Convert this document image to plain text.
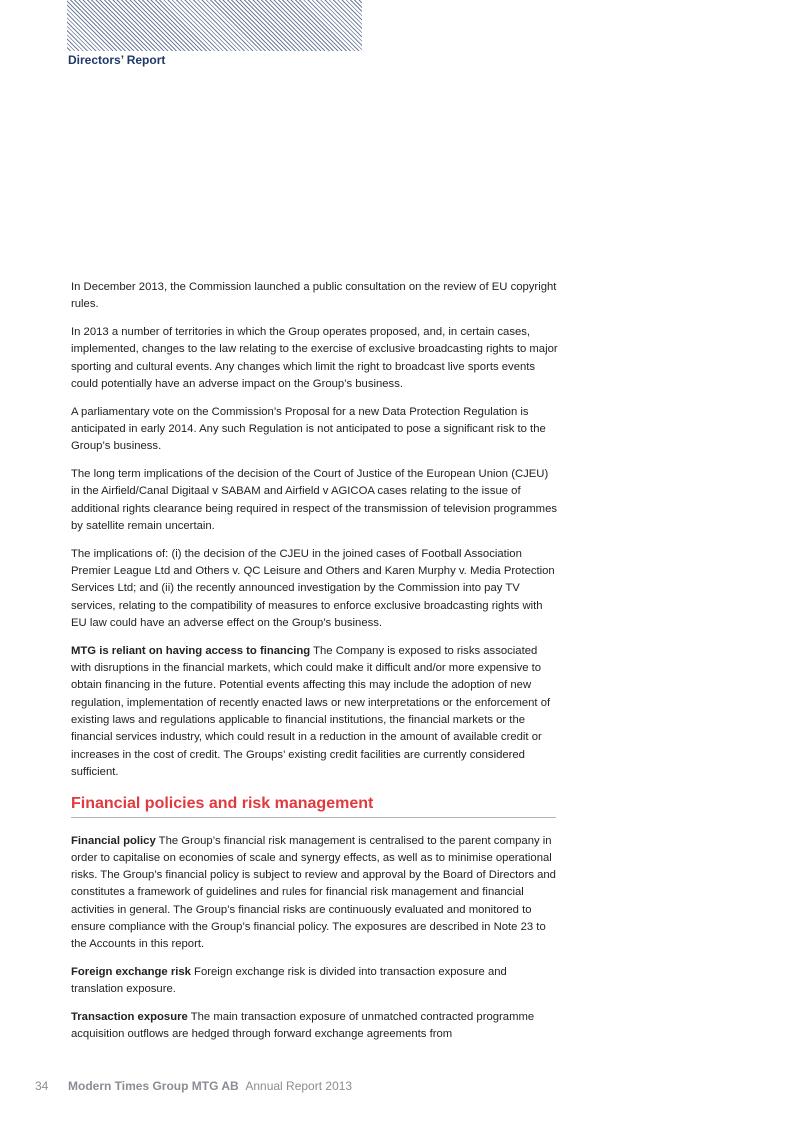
Directors’ Report

In December 2013, the Commission launched a public consultation on the review of EU copyright rules.

In 2013 a number of territories in which the Group operates proposed, and, in certain cases, implemented, changes to the law relating to the exercise of exclusive broadcasting rights to major sporting and cultural events. Any changes which limit the right to broadcast live sports events could potentially have an adverse impact on the Group’s business.

A parliamentary vote on the Commission’s Proposal for a new Data Protection Regulation is anticipated in early 2014. Any such Regulation is not anticipated to pose a significant risk to the Group’s business.

The long term implications of the decision of the Court of Justice of the European Union (CJEU) in the Airfield/Canal Digitaal v SABAM and Airfield v AGICOA cases relating to the issue of additional rights clearance being required in respect of the transmission of television programmes by satellite remain uncertain.

The implications of: (i) the decision of the CJEU in the joined cases of Football Association Premier League Ltd and Others v. QC Leisure and Others and Karen Murphy v. Media Protection Services Ltd; and (ii) the recently announced investigation by the Commission into pay TV services, relating to the compatibility of measures to enforce exclusive broadcasting rights with EU law could have an adverse effect on the Group’s business.

MTG is reliant on having access to financing The Company is exposed to risks associated with disruptions in the financial markets, which could make it difficult and/or more expensive to obtain financing in the future. Potential events affecting this may include the adoption of new regulation, implementation of recently enacted laws or new interpretations or the enforcement of existing laws and regulations applicable to financial institutions, the financial markets or the financial services industry, which could result in a reduction in the amount of available credit or increases in the cost of credit. The Groups’ existing credit facilities are currently considered sufficient.

Financial policies and risk management

Financial policy The Group’s financial risk management is centralised to the parent company in order to capitalise on economies of scale and synergy effects, as well as to minimise operational risks. The Group’s financial policy is subject to review and approval by the Board of Directors and constitutes a framework of guidelines and rules for financial risk management and financial activities in general. The Group’s financial risks are continuously evaluated and monitored to ensure compliance with the Group’s financial policy. The exposures are described in Note 23 to the Accounts in this report.

Foreign exchange risk Foreign exchange risk is divided into transaction exposure and translation exposure.

Transaction exposure The main transaction exposure of unmatched contracted programme acquisition outflows are hedged through forward exchange agreements from

34 Modern Times Group MTG AB Annual Report 2013
